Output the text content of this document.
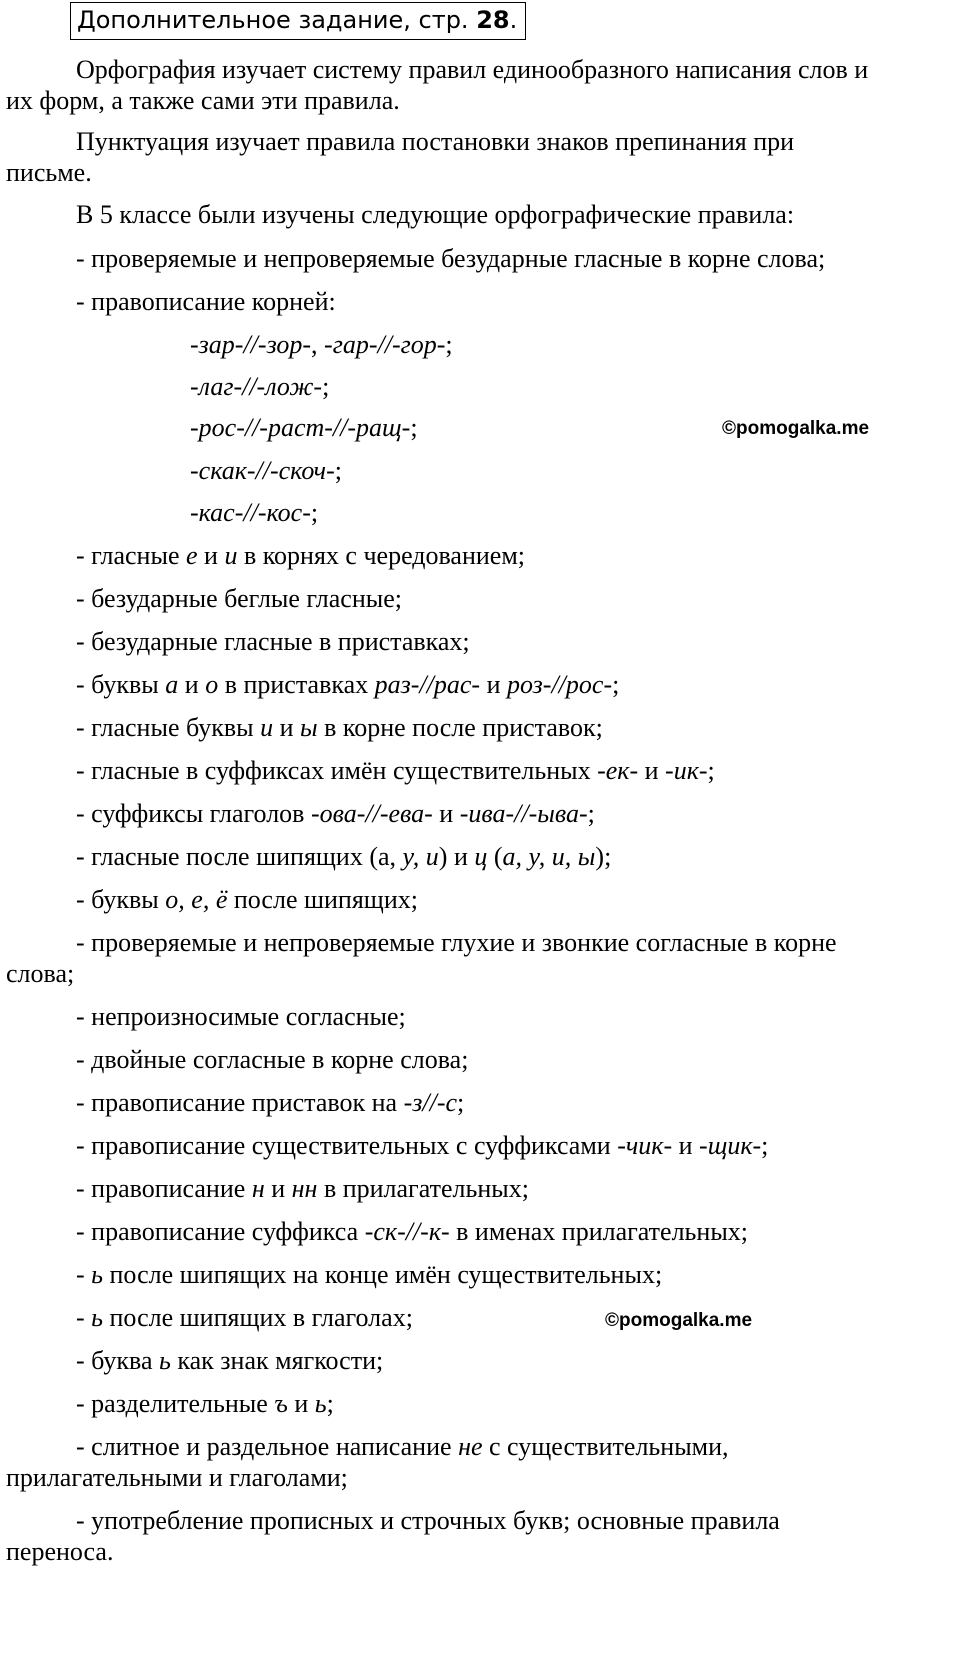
Дополнительное задание, стр. 28.
Орфография изучает систему правил единообразного написания слов и
их форм, а также сами эти правила.
Пунктуация изучает правила постановки знаков препинания при
письме.
В 5 классе были изучены следующие орфографические правила:
- проверяемые и непроверяемые безударные гласные в корне слова;
- правописание корней:
-зар-//-зор-, -гар-//-гор-;
-лаг-//-лож-;
-рос-//-раст-//-ращ-;
-скак-//-скоч-;
-кас-//-кос-;
©pomogalka.me
- гласные е и и в корнях с чередованием;
- безударные беглые гласные;
- безударные гласные в приставках;
- буквы а и о в приставках раз-//рас- и роз-//рос-;
- гласные буквы и и ы в корне после приставок;
- гласные в суффиксах имён существительных -ек- и -ик-;
- суффиксы глаголов -ова-//-ева- и -ива-//-ыва-;
- гласные после шипящих (а, у, и) и ц (а, у, и, ы);
- буквы о, е, ё после шипящих;
- проверяемые и непроверяемые глухие и звонкие согласные в корне
слова;
- непроизносимые согласные;
- двойные согласные в корне слова;
- правописание приставок на -з//-с;
- правописание существительных с суффиксами -чик- и -щик-;
- правописание н и нн в прилагательных;
- правописание суффикса -ск-//-к- в именах прилагательных;
- ь после шипящих на конце имён существительных;
- ь после шипящих в глаголах;	©pomogalka.me
- буква ь как знак мягкости;
- разделительные ъ и ь;
- слитное и раздельное написание не с существительными,
прилагательными и глаголами;
- употребление прописных и строчных букв; основные правила
переноса.
